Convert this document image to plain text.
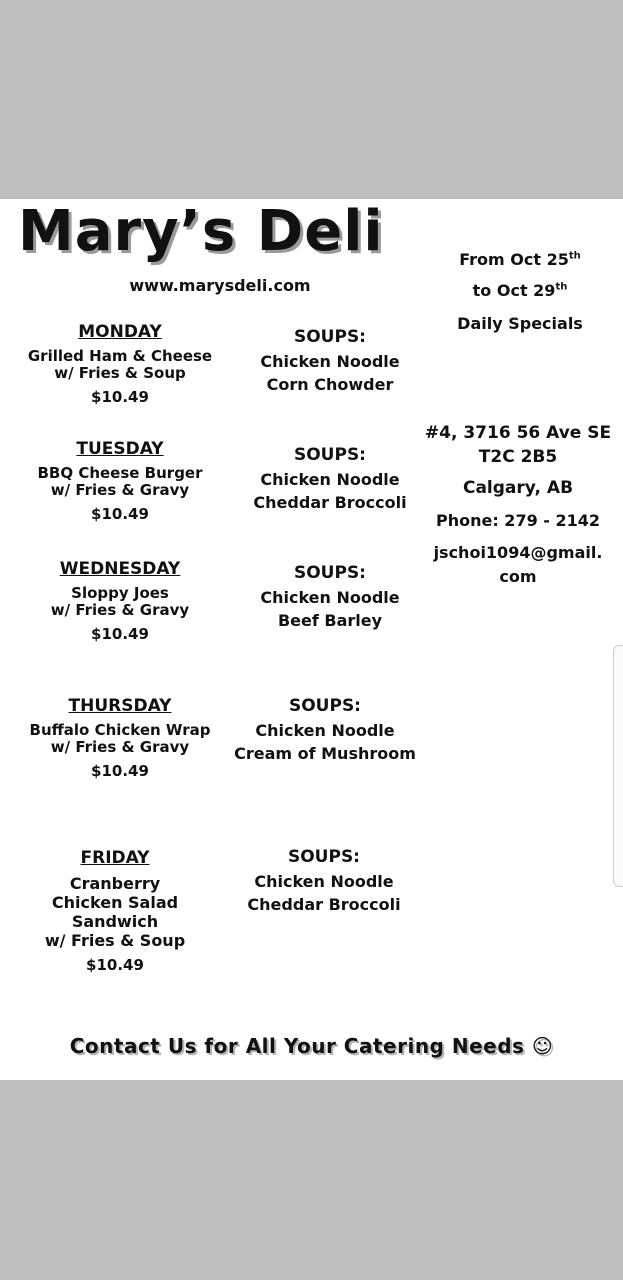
Mary’s Deli
www.marysdeli.com
From Oct 25th
to Oct 29th
Daily Specials
#4, 3716 56 Ave SE
T2C 2B5
Calgary, AB
Phone: 279 - 2142
jschoi1094@gmail.
com
MONDAY
Grilled Ham & Cheese
w/ Fries & Soup
$10.49
SOUPS:
Chicken Noodle
Corn Chowder
TUESDAY
BBQ Cheese Burger
w/ Fries & Gravy
$10.49
SOUPS:
Chicken Noodle
Cheddar Broccoli
WEDNESDAY
Sloppy Joes
w/ Fries & Gravy
$10.49
SOUPS:
Chicken Noodle
Beef Barley
THURSDAY
Buffalo Chicken Wrap
w/ Fries & Gravy
$10.49
SOUPS:
Chicken Noodle
Cream of Mushroom
FRIDAY
Cranberry
Chicken Salad
Sandwich
w/ Fries & Soup
$10.49
SOUPS:
Chicken Noodle
Cheddar Broccoli
Contact Us for All Your Catering Needs ☺
